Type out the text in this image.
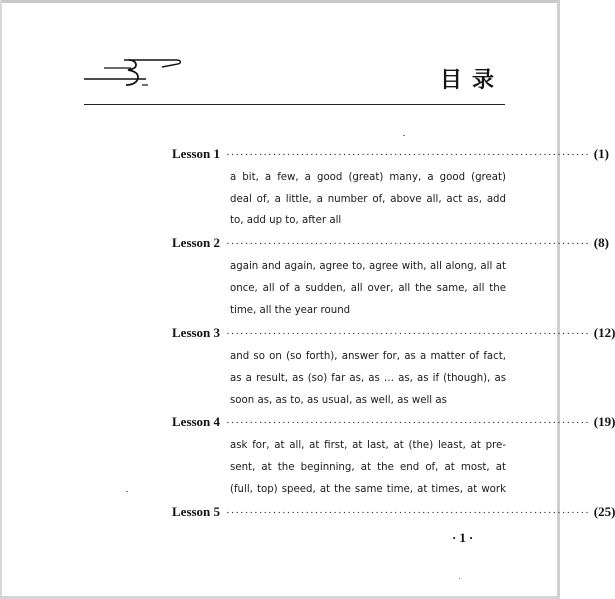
目录
Lesson 1 ·············································································· (1)
a bit, a few, a good (great) many, a good (great)
deal of, a little, a number of, above all, act as, add
to, add up to, after all
Lesson 2 ·············································································· (8)
again and again, agree to, agree with, all along, all at
once, all of a sudden, all over, all the same, all the
time, all the year round
Lesson 3 ·············································································· (12)
and so on (so forth), answer for, as a matter of fact,
as a result, as (so) far as, as … as, as if (though), as
soon as, as to, as usual, as well, as well as
Lesson 4 ·············································································· (19)
ask for, at all, at first, at last, at (the) least, at pre-
sent, at the beginning, at the end of, at most, at
(full, top) speed, at the same time, at times, at work
Lesson 5 ·············································································· (25)
·1·
